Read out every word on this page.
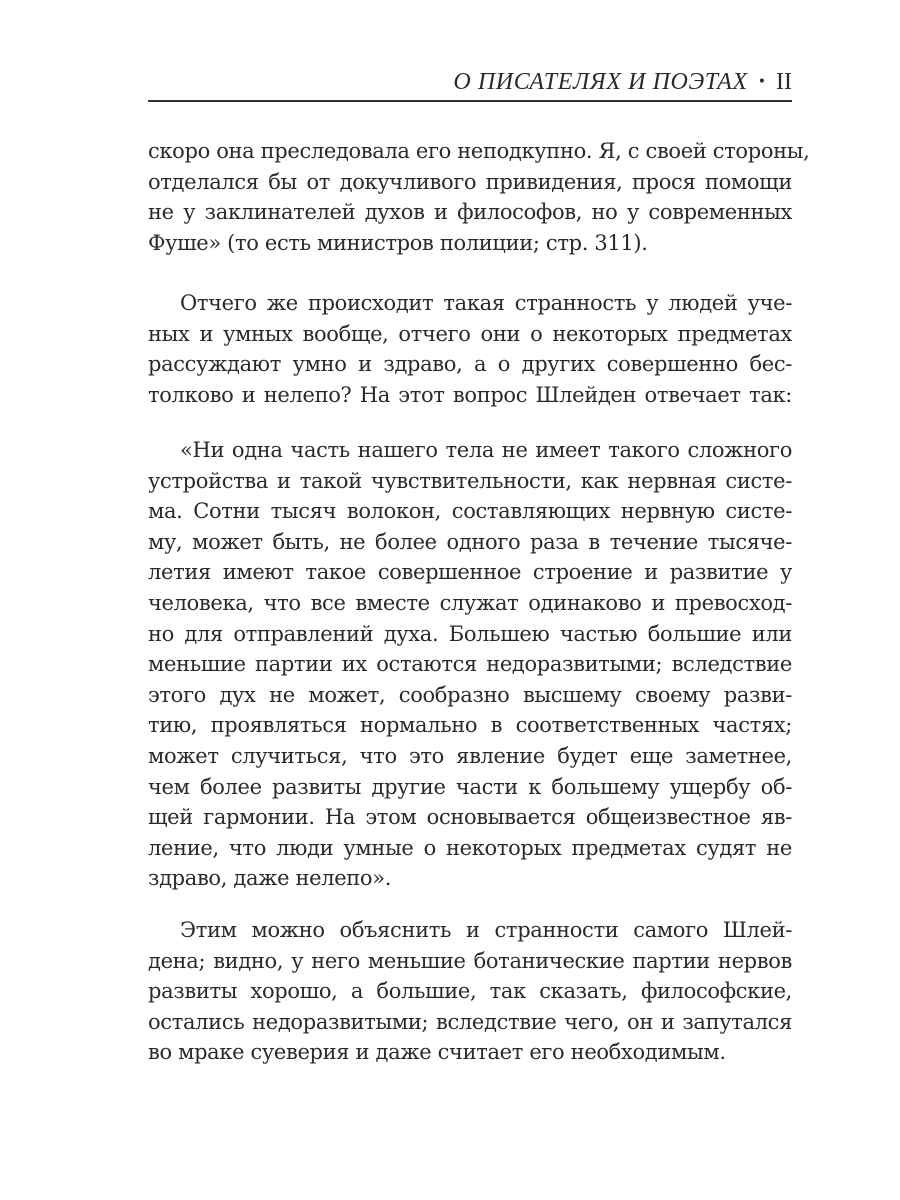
О ПИСАТЕЛЯХ И ПОЭТАХ • II
скоро она преследовала его неподкупно. Я, с своей стороны,
отделался бы от докучливого привидения, прося помощи
не у заклинателей духов и философов, но у современных
Фуше» (то есть министров полиции; стр. 311).
Отчего же происходит такая странность у людей уче-
ных и умных вообще, отчего они о некоторых предметах
рассуждают умно и здраво, а о других совершенно бес-
толково и нелепо? На этот вопрос Шлейден отвечает так:
«Ни одна часть нашего тела не имеет такого сложного
устройства и такой чувствительности, как нервная систе-
ма. Сотни тысяч волокон, составляющих нервную систе-
му, может быть, не более одного раза в течение тысяче-
летия имеют такое совершенное строение и развитие у
человека, что все вместе служат одинаково и превосход-
но для отправлений духа. Большею частью большие или
меньшие партии их остаются недоразвитыми; вследствие
этого дух не может, сообразно высшему своему разви-
тию, проявляться нормально в соответственных частях;
может случиться, что это явление будет еще заметнее,
чем более развиты другие части к большему ущербу об-
щей гармонии. На этом основывается общеизвестное яв-
ление, что люди умные о некоторых предметах судят не
здраво, даже нелепо».
Этим можно объяснить и странности самого Шлей-
дена; видно, у него меньшие ботанические партии нервов
развиты хорошо, а большие, так сказать, философские,
остались недоразвитыми; вследствие чего, он и запутался
во мраке суеверия и даже считает его необходимым.
